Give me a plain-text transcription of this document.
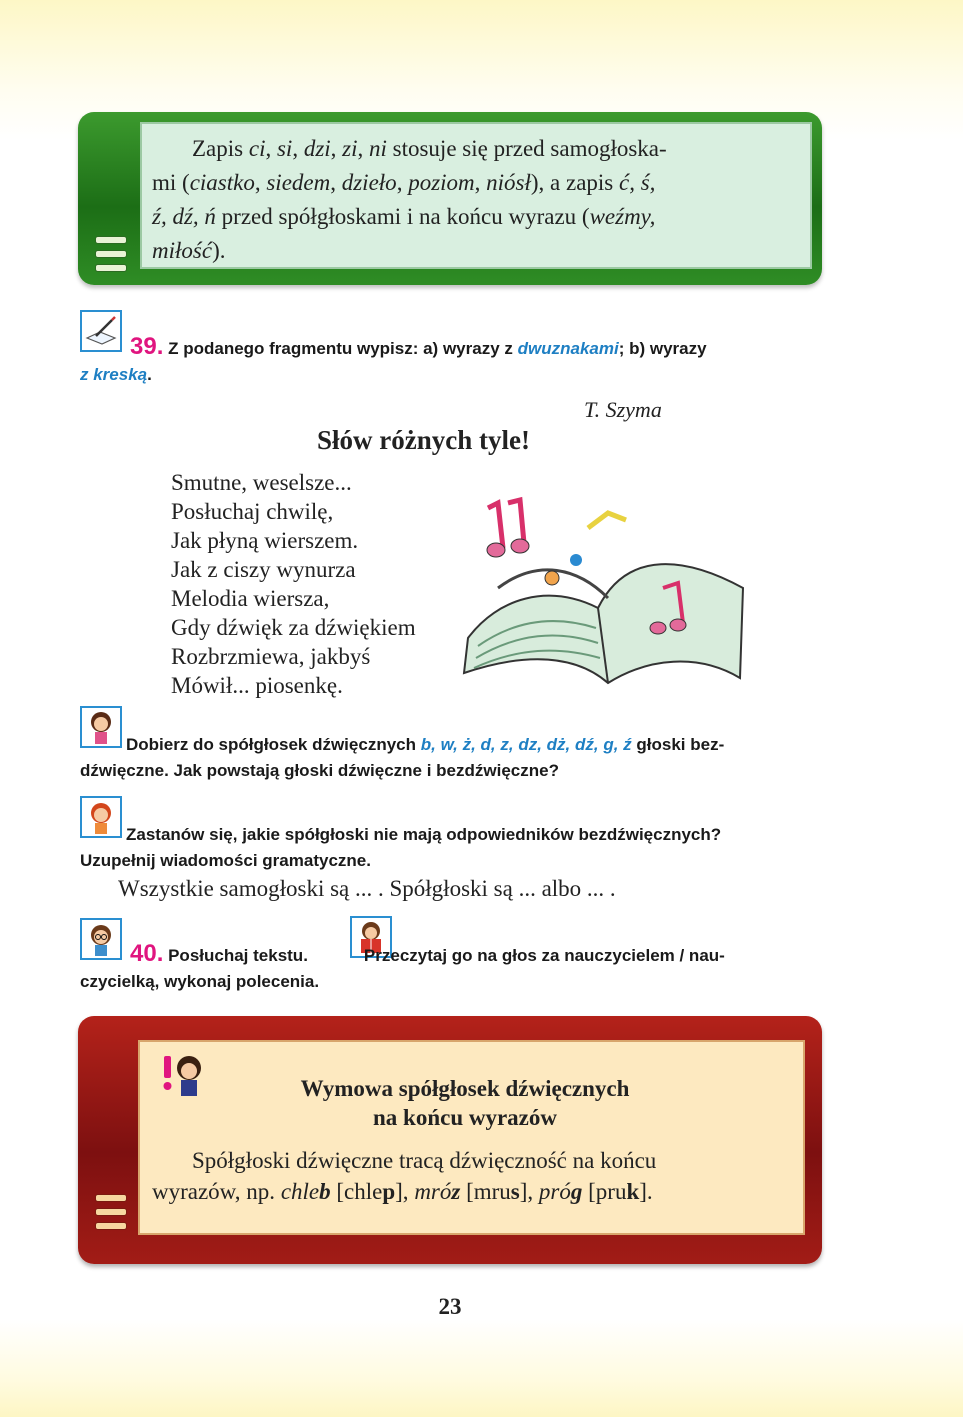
Zapis ci, si, dzi, zi, ni stosuje się przed samogłoska-
mi (ciastko, siedem, dzieło, poziom, niósł), a zapis ć, ś,
ź, dź, ń przed spółgłoskami i na końcu wyrazu (weźmy,
miłość).
39. Z podanego fragmentu wypisz: a) wyrazy z dwuznakami; b) wyrazy
z kreską.
T. Szyma
Słów różnych tyle!
Smutne, weselsze...
Posłuchaj chwilę,
Jak płyną wierszem.
Jak z ciszy wynurza
Melodia wiersza,
Gdy dźwięk za dźwiękiem
Rozbrzmiewa, jakbyś
Mówił... piosenkę.
Dobierz do spółgłosek dźwięcznych b, w, ż, d, z, dz, dż, dź, g, ź głoski bez-
dźwięczne. Jak powstają głoski dźwięczne i bezdźwięczne?
Zastanów się, jakie spółgłoski nie mają odpowiedników bezdźwięcznych?
Uzupełnij wiadomości gramatyczne.
Wszystkie samogłoski są ... . Spółgłoski są ... albo ... .
40. Posłuchaj tekstu.	Przeczytaj go na głos za nauczycielem / nau-
czycielką, wykonaj polecenia.
Wymowa spółgłosek dźwięcznych
na końcu wyrazów
Spółgłoski dźwięczne tracą dźwięczność na końcu
wyrazów, np. chleb [chlep], mróz [mrus], próg [pruk].
23
